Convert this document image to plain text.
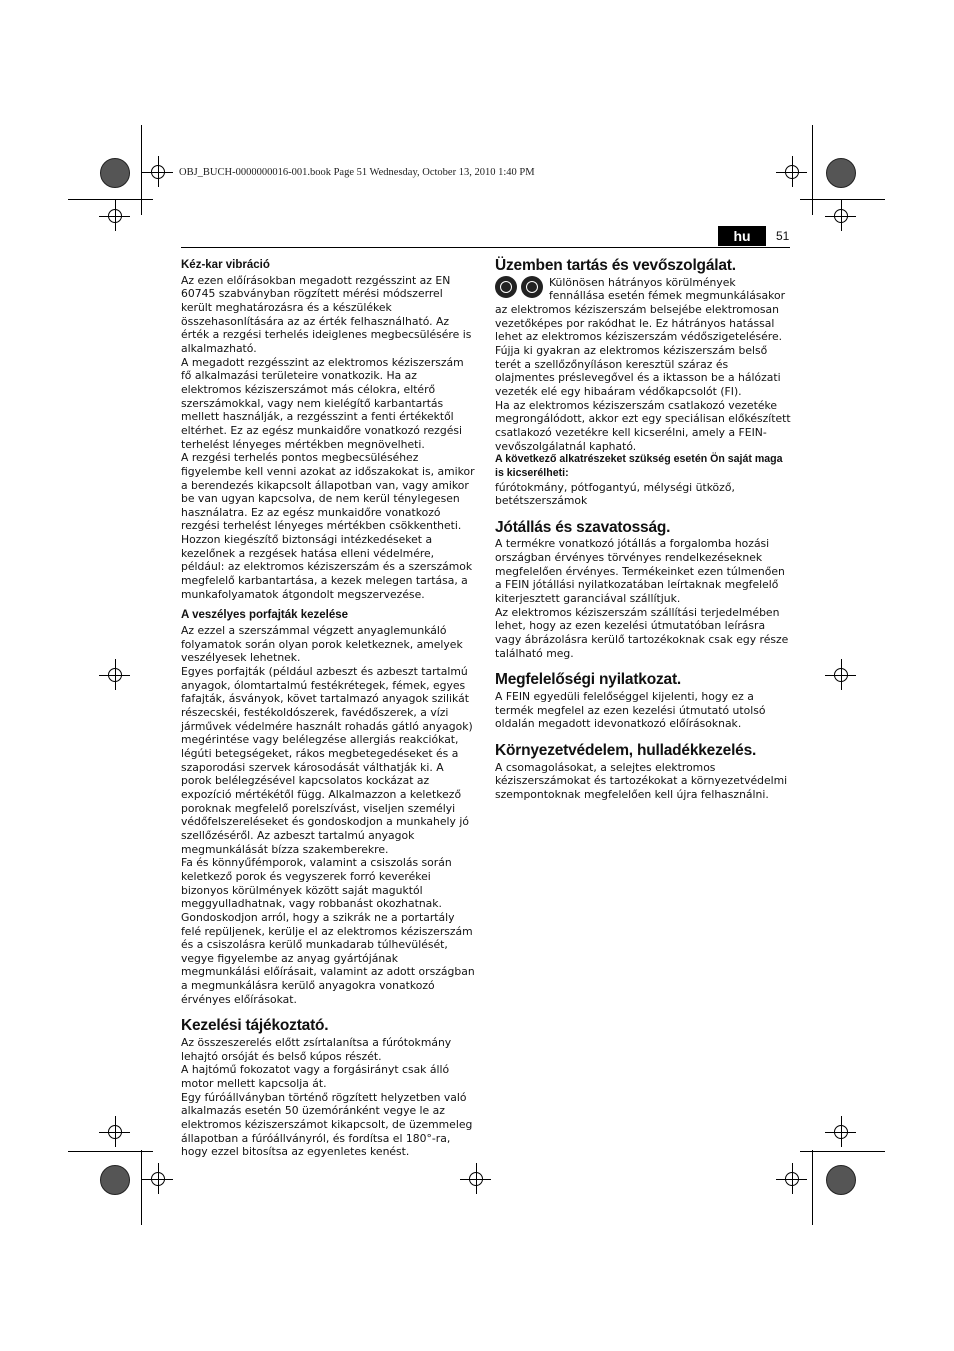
OBJ_BUCH-0000000016-001.book Page 51 Wednesday, October 13, 2010 1:40 PM
hu	51
Kéz-kar vibráció

Az ezen előírásokban megadott rezgésszint az EN 60745 szabványban rögzített mérési módszerrel került meghatározásra és a készülékek összehasonlítására az az érték felhasználható. Az érték a rezgési terhelés ideiglenes megbecsülésére is alkalmazható.

A megadott rezgésszint az elektromos kéziszerszám fő alkalmazási területeire vonatkozik. Ha az elektromos kéziszerszámot más célokra, eltérő szerszámokkal, vagy nem kielégítő karbantartás mellett használják, a rezgésszint a fenti értékektől eltérhet. Ez az egész munkaidőre vonatkozó rezgési terhelést lényeges mértékben megnövelheti.

A rezgési terhelés pontos megbecsüléséhez figyelembe kell venni azokat az időszakokat is, amikor a berendezés kikapcsolt állapotban van, vagy amikor be van ugyan kapcsolva, de nem kerül ténylegesen használatra. Ez az egész munkaidőre vonatkozó rezgési terhelést lényeges mértékben csökkentheti.

Hozzon kiegészítő biztonsági intézkedéseket a kezelőnek a rezgések hatása elleni védelmére, például: az elektromos kéziszerszám és a szerszámok megfelelő karbantartása, a kezek melegen tartása, a munkafolyamatok átgondolt megszervezése.

A veszélyes porfajták kezelése

Az ezzel a szerszámmal végzett anyaglemunkáló folyamatok során olyan porok keletkeznek, amelyek veszélyesek lehetnek.

Egyes porfajták (például azbeszt és azbeszt tartalmú anyagok, ólomtartalmú festékrétegek, fémek, egyes fafajták, ásványok, követ tartalmazó anyagok szilikát részecskéi, festékoldószerek, favédőszerek, a vízi járművek védelmére használt rohadás gátló anyagok) megérintése vagy belélegzése allergiás reakciókat, légúti betegségeket, rákos megbetegedéseket és a szaporodási szervek károsodását válthatják ki. A porok belélegzésével kapcsolatos kockázat az expozíció mértékétől függ. Alkalmazzon a keletkező poroknak megfelelő porelszívást, viseljen személyi védőfelszereléseket és gondoskodjon a munkahely jó szellőzéséről. Az azbeszt tartalmú anyagok megmunkálását bízza szakemberekre.

Fa és könnyűfémporok, valamint a csiszolás során keletkező porok és vegyszerek forró keverékei bizonyos körülmények között saját maguktól meggyulladhatnak, vagy robbanást okozhatnak. Gondoskodjon arról, hogy a szikrák ne a portartály felé repüljenek, kerülje el az elektromos kéziszerszám és a csiszolásra kerülő munkadarab túlhevülését, vegye figyelembe az anyag gyártójának megmunkálási előírásait, valamint az adott országban a megmunkálásra kerülő anyagokra vonatkozó érvényes előírásokat.

Kezelési tájékoztató.

Az összeszerelés előtt zsírtalanítsa a fúrótokmány lehajtó orsóját és belső kúpos részét.

A hajtómű fokozatot vagy a forgásirányt csak álló motor mellett kapcsolja át.

Egy fúróállványban történő rögzített helyzetben való alkalmazás esetén 50 üzemóránként vegye le az elektromos kéziszerszámot kikapcsolt, de üzemmeleg állapotban a fúróállványról, és fordítsa el 180°-ra, hogy ezzel bitosítsa az egyenletes kenést.

Üzemben tartás és vevőszolgálat.

Különösen hátrányos körülmények fennállása esetén fémek megmunkálásakor az elektromos kéziszerszám belsejébe elektromosan vezetőképes por rakódhat le. Ez hátrányos hatással lehet az elektromos kéziszerszám védőszigetelésére. Fújja ki gyakran az elektromos kéziszerszám belső terét a szellőzőnyíláson keresztül száraz és olajmentes préslevegővel és a iktasson be a hálózati vezeték elé egy hibaáram védőkapcsolót (FI).

Ha az elektromos kéziszerszám csatlakozó vezetéke megrongálódott, akkor ezt egy speciálisan előkészített csatlakozó vezetékre kell kicserélni, amely a FEIN-vevőszolgálatnál kapható.

A következő alkatrészeket szükség esetén Ön saját maga is kicserélheti:

fúrótokmány, pótfogantyú, mélységi ütköző, betétszerszámok

Jótállás és szavatosság.

A termékre vonatkozó jótállás a forgalomba hozási országban érvényes törvényes rendelkezéseknek megfelelően érvényes. Termékeinket ezen túlmenően a FEIN jótállási nyilatkozatában leírtaknak megfelelő kiterjesztett garanciával szállítjuk.

Az elektromos kéziszerszám szállítási terjedelmében lehet, hogy az ezen kezelési útmutatóban leírásra vagy ábrázolásra kerülő tartozékoknak csak egy része található meg.

Megfelelőségi nyilatkozat.

A FEIN egyedüli felelőséggel kijelenti, hogy ez a termék megfelel az ezen kezelési útmutató utolsó oldalán megadott idevonatkozó előírásoknak.

Környezetvédelem, hulladékkezelés.

A csomagolásokat, a selejtes elektromos kéziszerszámokat és tartozékokat a környezetvédelmi szempontoknak megfelelően kell újra felhasználni.
